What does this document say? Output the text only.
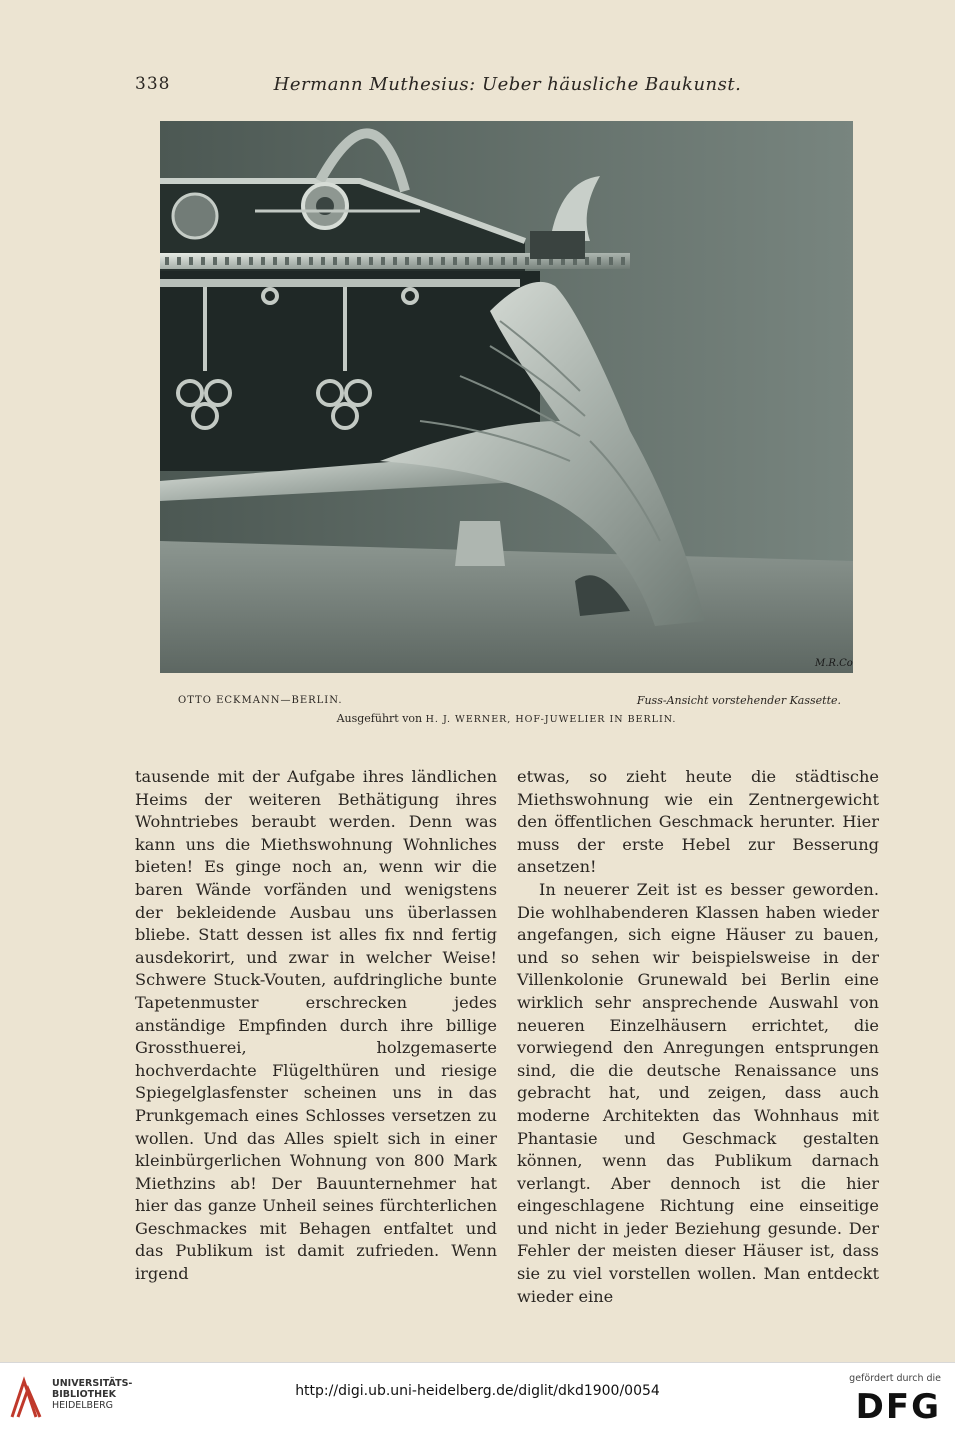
338	Hermann Muthesius: Ueber häusliche Baukunst.
M.R.Co
OTTO ECKMANN—BERLIN.	Fuss-Ansicht vorstehender Kassette.
Ausgeführt von H. J. WERNER, HOF-JUWELIER IN BERLIN.

tausende mit der Aufgabe ihres ländlichen Heims der weiteren Bethätigung ihres Wohntriebes beraubt werden. Denn was kann uns die Miethswohnung Wohnliches bieten! Es ginge noch an, wenn wir die baren Wände vorfänden und wenigstens der bekleidende Ausbau uns überlassen bliebe. Statt dessen ist alles fix nnd fertig ausdekorirt, und zwar in welcher Weise! Schwere Stuck-Vouten, aufdringliche bunte Tapetenmuster erschrecken jedes anständige Empfinden durch ihre billige Grossthuerei, holzgemaserte hochverdachte Flügelthüren und riesige Spiegelglasfenster scheinen uns in das Prunkgemach eines Schlosses versetzen zu wollen. Und das Alles spielt sich in einer kleinbürgerlichen Wohnung von 800 Mark Miethzins ab! Der Bauunternehmer hat hier das ganze Unheil seines fürchterlichen Geschmackes mit Behagen entfaltet und das Publikum ist damit zufrieden. Wenn irgend

etwas, so zieht heute die städtische Miethswohnung wie ein Zentnergewicht den öffentlichen Geschmack herunter. Hier muss der erste Hebel zur Besserung ansetzen!

In neuerer Zeit ist es besser geworden. Die wohlhabenderen Klassen haben wieder angefangen, sich eigne Häuser zu bauen, und so sehen wir beispielsweise in der Villenkolonie Grunewald bei Berlin eine wirklich sehr ansprechende Auswahl von neueren Einzelhäusern errichtet, die vorwiegend den Anregungen entsprungen sind, die die deutsche Renaissance uns gebracht hat, und zeigen, dass auch moderne Architekten das Wohnhaus mit Phantasie und Geschmack gestalten können, wenn das Publikum darnach verlangt. Aber dennoch ist die hier eingeschlagene Richtung eine einseitige und nicht in jeder Beziehung gesunde. Der Fehler der meisten dieser Häuser ist, dass sie zu viel vorstellen wollen. Man entdeckt wieder eine

UNIVERSITÄTS-
BIBLIOTHEK
HEIDELBERG
http://digi.ub.uni-heidelberg.de/diglit/dkd1900/0054
gefördert durch die
DFG
